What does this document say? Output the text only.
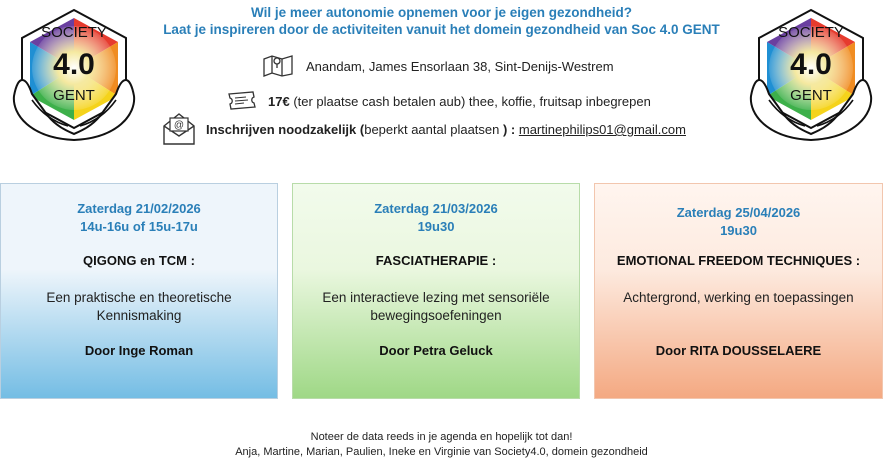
SOCIETY
4.0
GENT
SOCIETY
4.0
GENT
Wil je meer autonomie opnemen voor je eigen gezondheid?
Laat je inspireren door de activiteiten vanuit het domein gezondheid van Soc 4.0 GENT
Anandam, James Ensorlaan 38, Sint-Denijs-Westrem
17€ (ter plaatse cash betalen aub) thee, koffie, fruitsap inbegrepen
@ Inschrijven noodzakelijk ( beperkt aantal plaatsen ) : martinephilips01@gmail.com
Zaterdag 21/02/2026
14u-16u of 15u-17u
QIGONG en TCM :
Een praktische en theoretische
Kennismaking
Door Inge Roman
Zaterdag 21/03/2026
19u30
FASCIATHERAPIE :
Een interactieve lezing met sensoriële
bewegingsoefeningen
Door Petra Geluck
Zaterdag 25/04/2026
19u30
EMOTIONAL FREEDOM TECHNIQUES :
Achtergrond, werking en toepassingen
Door RITA DOUSSELAERE
Noteer de data reeds in je agenda en hopelijk tot dan!
Anja, Martine, Marian, Paulien, Ineke en Virginie van Society4.0, domein gezondheid
